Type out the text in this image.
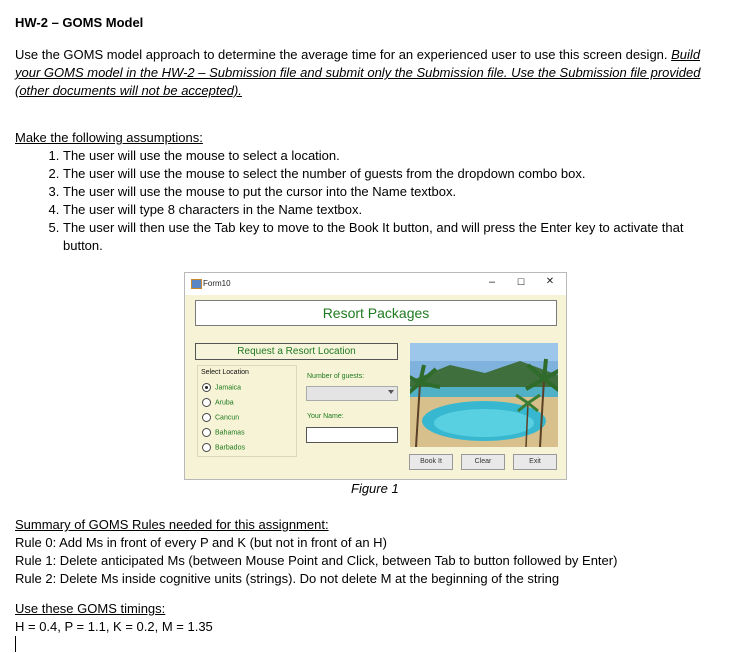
HW-2 – GOMS Model
Use the GOMS model approach to determine the average time for an experienced user to use this screen design. Build your GOMS model in the HW-2 – Submission file and submit only the Submission file. Use the Submission file provided (other documents will not be accepted).
Make the following assumptions:
1. The user will use the mouse to select a location.
2. The user will use the mouse to select the number of guests from the dropdown combo box.
3. The user will use the mouse to put the cursor into the Name textbox.
4. The user will type 8 characters in the Name textbox.
5. The user will then use the Tab key to move to the Book It button, and will press the Enter key to activate that button.
Form10	–	☐	✕
Resort Packages
Request a Resort Location
Select Location
Jamaica
Aruba
Cancun
Bahamas
Barbados
Number of guests:
Your Name:
Book It	Clear	Exit
Figure 1
Summary of GOMS Rules needed for this assignment:
Rule 0: Add Ms in front of every P and K (but not in front of an H)
Rule 1: Delete anticipated Ms (between Mouse Point and Click, between Tab to button followed by Enter)
Rule 2: Delete Ms inside cognitive units (strings). Do not delete M at the beginning of the string
Use these GOMS timings:
H = 0.4, P = 1.1, K = 0.2, M = 1.35
